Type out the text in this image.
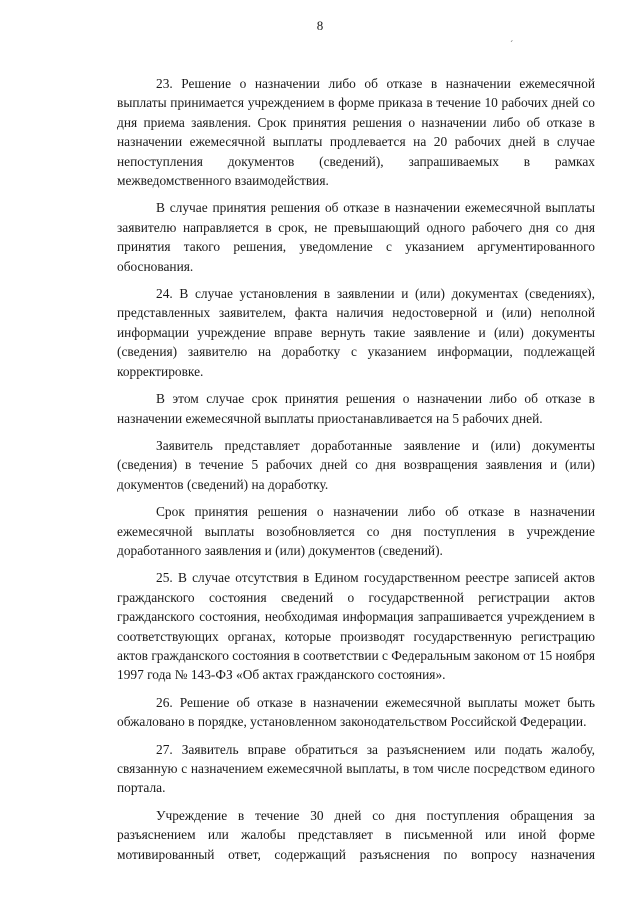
8
´

23. Решение о назначении либо об отказе в назначении ежемесячной выплаты принимается учреждением в форме приказа в течение 10 рабочих дней со дня приема заявления. Срок принятия решения о назначении либо об отказе в назначении ежемесячной выплаты продлевается на 20 рабочих дней в случае непоступления документов (сведений), запрашиваемых в рамках межведомственного взаимодействия.

В случае принятия решения об отказе в назначении ежемесячной выплаты заявителю направляется в срок, не превышающий одного рабочего дня со дня принятия такого решения, уведомление с указанием аргументированного обоснования.

24. В случае установления в заявлении и (или) документах (сведениях), представленных заявителем, факта наличия недостоверной и (или) неполной информации учреждение вправе вернуть такие заявление и (или) документы (сведения) заявителю на доработку с указанием информации, подлежащей корректировке.

В этом случае срок принятия решения о назначении либо об отказе в назначении ежемесячной выплаты приостанавливается на 5 рабочих дней.

Заявитель представляет доработанные заявление и (или) документы (сведения) в течение 5 рабочих дней со дня возвращения заявления и (или) документов (сведений) на доработку.

Срок принятия решения о назначении либо об отказе в назначении ежемесячной выплаты возобновляется со дня поступления в учреждение доработанного заявления и (или) документов (сведений).

25. В случае отсутствия в Едином государственном реестре записей актов гражданского состояния сведений о государственной регистрации актов гражданского состояния, необходимая информация запрашивается учреждением в соответствующих органах, которые производят государственную регистрацию актов гражданского состояния в соответствии с Федеральным законом от 15 ноября 1997 года № 143-ФЗ «Об актах гражданского состояния».

26. Решение об отказе в назначении ежемесячной выплаты может быть обжаловано в порядке, установленном законодательством Российской Федерации.

27. Заявитель вправе обратиться за разъяснением или подать жалобу, связанную с назначением ежемесячной выплаты, в том числе посредством единого портала.

Учреждение в течение 30 дней со дня поступления обращения за разъяснением или жалобы представляет в письменной или иной форме мотивированный ответ, содержащий разъяснения по вопросу назначения
